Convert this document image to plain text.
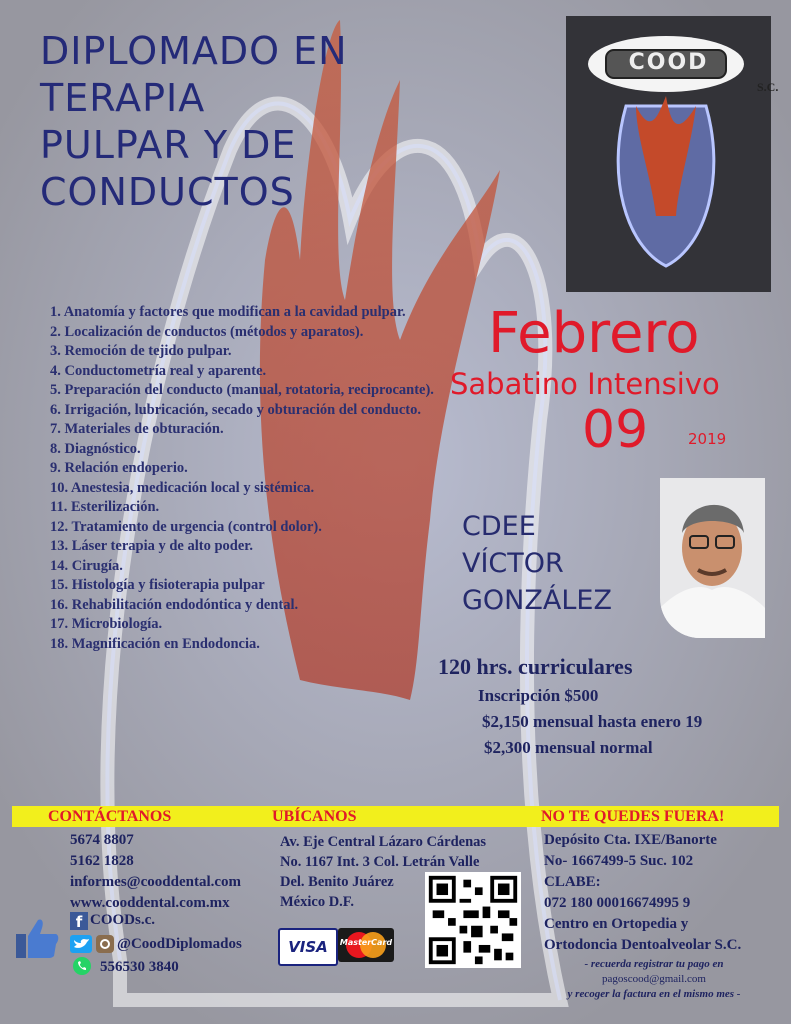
DIPLOMADO EN
TERAPIA
PULPAR Y DE
CONDUCTOS
COOD
S.C.
1. Anatomía y factores que modifican a la cavidad pulpar.
2. Localización de conductos (métodos y aparatos).
3. Remoción de tejido pulpar.
4. Conductometría real y aparente.
5. Preparación del conducto (manual, rotatoria, reciprocante).
6. Irrigación, lubricación, secado y obturación del conducto.
7. Materiales de obturación.
8. Diagnóstico.
9. Relación endoperio.
10. Anestesia, medicación local y sistémica.
11. Esterilización.
12. Tratamiento de urgencia (control dolor).
13. Láser terapia y de alto poder.
14. Cirugía.
15. Histología y fisioterapia pulpar
16. Rehabilitación endodóntica y dental.
17. Microbiología.
18. Magnificación en Endodoncia.
Febrero
Sabatino Intensivo
09	2019
CDEE
VÍCTOR
GONZÁLEZ
120 hrs. curriculares
Inscripción $500
$2,150 mensual hasta enero 19
$2,300 mensual normal
CONTÁCTANOS	UBÍCANOS	NO TE QUEDES FUERA!
5674 8807
5162 1828
informes@cooddental.com
www.cooddental.com.mx
f COODs.c.
@CoodDiplomados
556530 3840
Av. Eje Central Lázaro Cárdenas
No. 1167 Int. 3 Col. Letrán Valle
Del. Benito Juárez
México D.F.
VISA	MasterCard
Depósito Cta. IXE/Banorte
No- 1667499-5 Suc. 102
CLABE:
072 180 00016674995 9
Centro en Ortopedia y
Ortodoncia Dentoalveolar S.C.
- recuerda registrar tu pago en
pagoscood@gmail.com
y recoger la factura en el mismo mes -
